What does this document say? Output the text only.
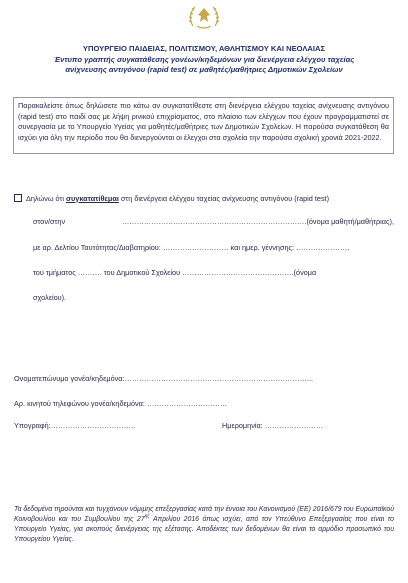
ΥΠΟΥΡΓΕΙΟ ΠΑΙΔΕΙΑΣ, ΠΟΛΙΤΙΣΜΟΥ, ΑΘΛΗΤΙΣΜΟΥ ΚΑΙ ΝΕΟΛΑΙΑΣ
Έντυπο γραπτής συγκατάθεσης γονέων/κηδεμόνων για διενέργεια ελέγχου ταχείας
ανίχνευσης αντιγόνου (rapid test) σε μαθητές/μαθήτριες Δημοτικών Σχολείων
Παρακαλείστε όπως δηλώσετε πιο κάτω αν συγκατατίθεστε στη διενέργεια ελέγχου ταχείας ανίχνευσης αντιγόνου (rapid test) στο παιδί σας με λήψη ρινικού επιχρίσματος, στο πλαίσιο των ελέγχων που έχουν προγραμματιστεί σε συνεργασία με το Υπουργείο Υγείας για μαθητές/μαθήτριες των Δημοτικών Σχολείων. Η παρούσα συγκατάθεση θα ισχύει για όλη την περίοδο που θα διενεργούνται οι έλεγχοι στα σχολεία την παρούσα σχολική χρονιά 2021-2022.
Δηλώνω ότι συγκατατίθεμαι στη διενέργεια ελέγχου ταχείας ανίχνευσης αντιγόνου (rapid test)
στον/στην	………………………………………………………………….(όνομα μαθητή/μαθήτριας),
με αρ. Δελτίου Ταυτότητας/Διαβατηρίου: ……………………… και ημερ. γέννησης: …………………,
του τμήματος ………. του Δημοτικού Σχολείου ……………………………………….(όνομα
σχολείου).
Ονοματεπώνυμο γονέα/κηδεμόνα:…………………………………………………………………...
Αρ. κινητού τηλεφώνου γονέα/κηδεμόνα: ……………………………
Υπογραφή:……………………………..	Ημερομηνία: ……………………
Τα δεδομένα τηρούνται και τυγχάνουν νόμιμης επεξεργασίας κατά την έννοια του Κανονισμού (ΕΕ) 2016/679 του Ευρωπαϊκού Κοινοβουλίου και του Συμβουλίου της $27^{\eta\varsigma}$ Απριλίου 2016 όπως ισχύει, από τον Υπεύθυνο Επεξεργασίας που είναι το Υπουργείο Υγείας, για σκοπούς διενέργειας της εξέτασης. Αποδέκτες των δεδομένων θα είναι το αρμόδιο προσωπικό του Υπουργείου Υγείας.
